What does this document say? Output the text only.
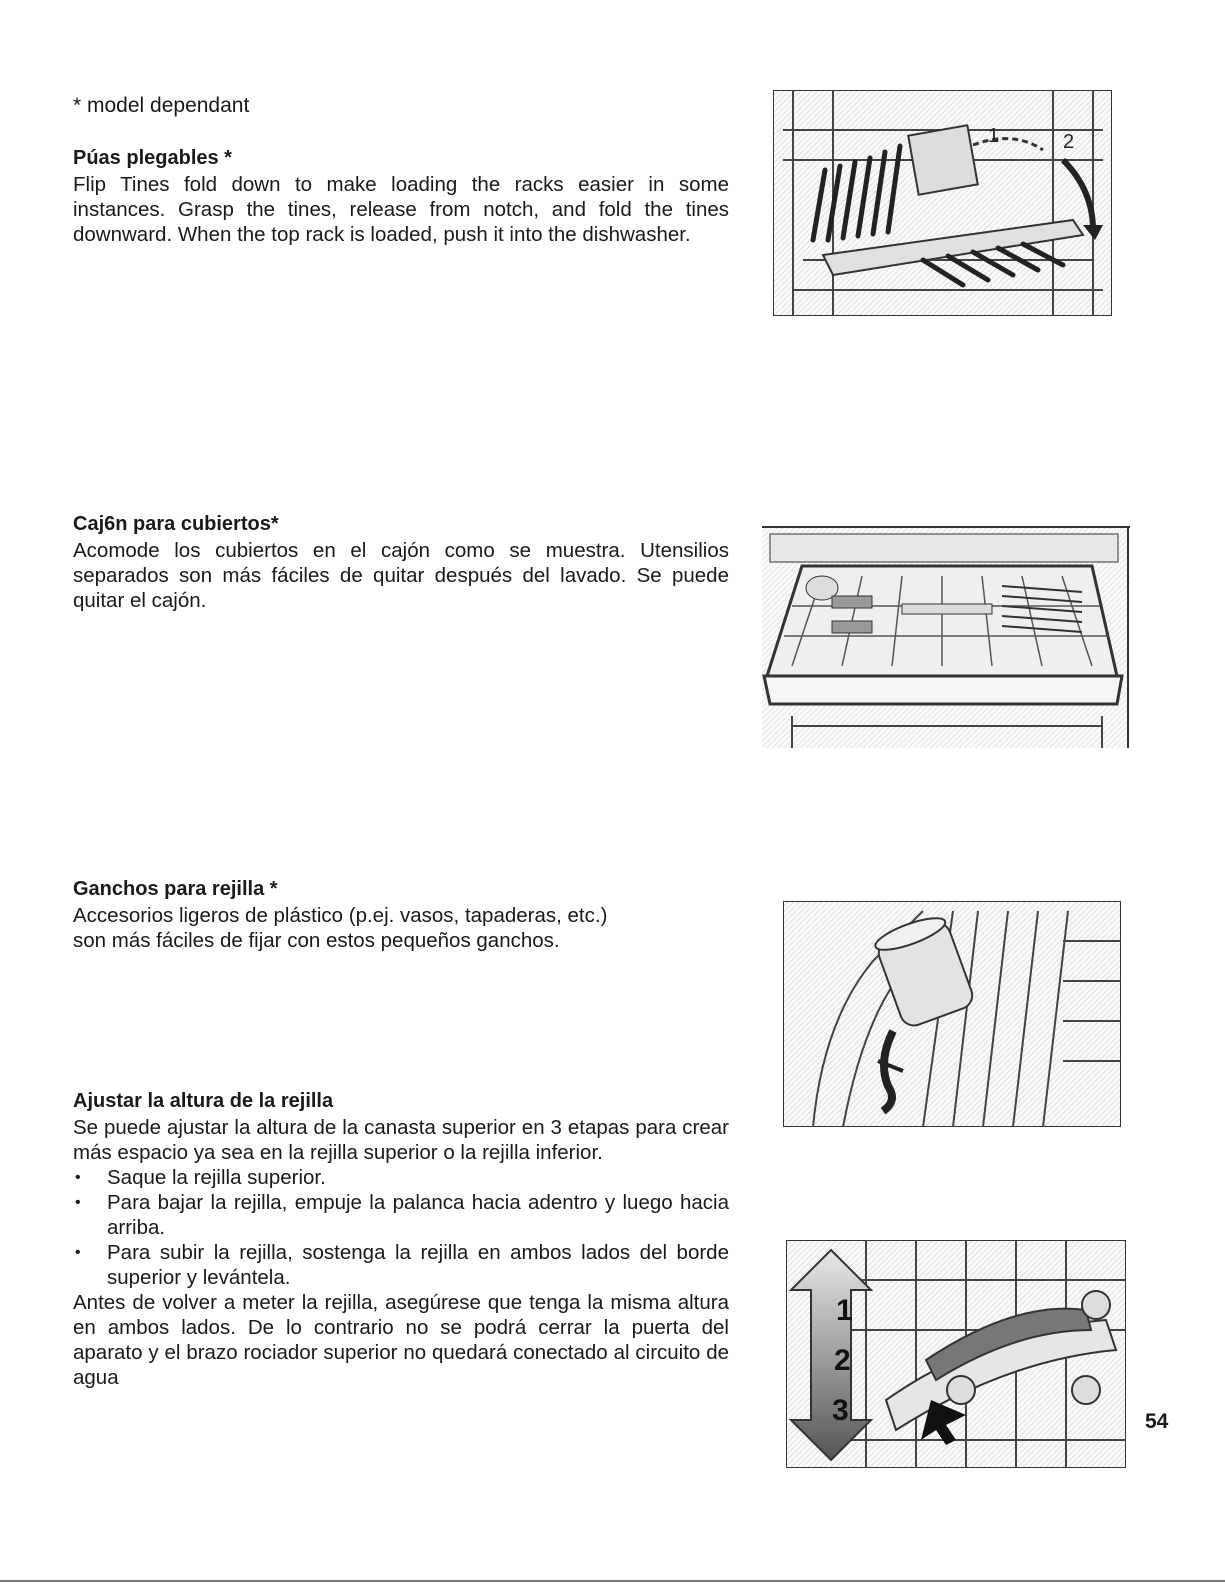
* model dependant
Púas plegables *

Flip Tines fold down to make loading the racks easier in some instances. Grasp the tines, release from notch, and fold the tines downward. When the top rack is loaded, push it into the dishwasher.

Caj6n para cubiertos*

Acomode los cubiertos en el cajón como se muestra. Utensilios separados son más fáciles de quitar después del lavado. Se puede quitar el cajón.

Ganchos para rejilla *

Accesorios ligeros de plástico (p.ej. vasos, tapaderas, etc.)

son más fáciles de fijar con estos pequeños ganchos.

Ajustar la altura de la rejilla

Se puede ajustar la altura de la canasta superior en 3 etapas para crear más espacio ya sea en la rejilla superior o la rejilla inferior.

• Saque la rejilla superior.
• Para bajar la rejilla, empuje la palanca hacia adentro y luego hacia arriba.
• Para subir la rejilla, sostenga la rejilla en ambos lados del borde superior y levántela.

Antes de volver a meter la rejilla, asegúrese que tenga la misma altura en ambos lados. De lo contrario no se podrá cerrar la puerta del aparato y el brazo rociador superior no quedará conectado al circuito de agua

1	2
1
2
3	54
